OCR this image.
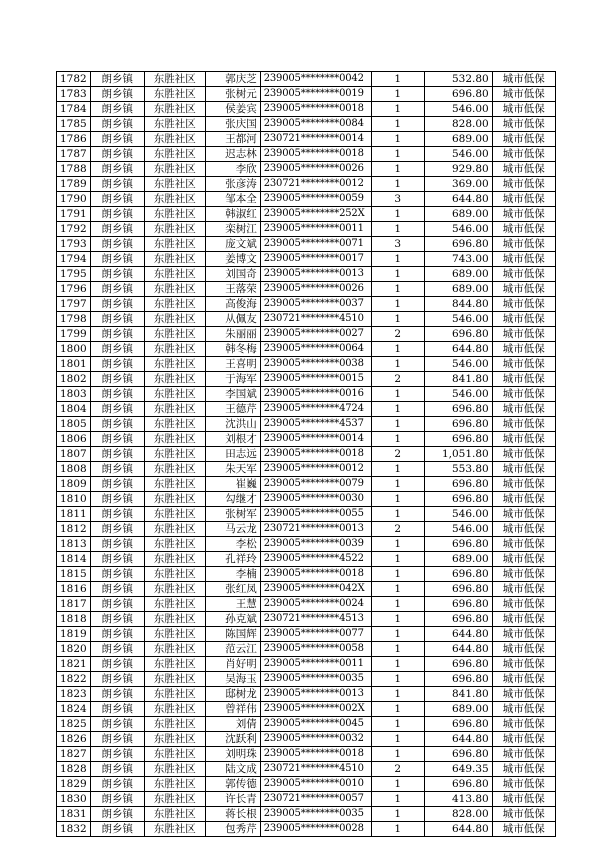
1782	朗乡镇	东胜社区	郭庆芝	239005********0042	1	532.80	城市低保
1783	朗乡镇	东胜社区	张树元	239005********0019	1	696.80	城市低保
1784	朗乡镇	东胜社区	侯姜宾	239005********0018	1	546.00	城市低保
1785	朗乡镇	东胜社区	张庆国	239005********0084	1	828.00	城市低保
1786	朗乡镇	东胜社区	王都河	230721********0014	1	689.00	城市低保
1787	朗乡镇	东胜社区	迟志林	239005********0018	1	546.00	城市低保
1788	朗乡镇	东胜社区	李欣	239005********0026	1	929.80	城市低保
1789	朗乡镇	东胜社区	张彦涛	230721********0012	1	369.00	城市低保
1790	朗乡镇	东胜社区	邹本全	239005********0059	3	644.80	城市低保
1791	朗乡镇	东胜社区	韩淑红	239005********252X	1	689.00	城市低保
1792	朗乡镇	东胜社区	栾树江	239005********0011	1	546.00	城市低保
1793	朗乡镇	东胜社区	庞文斌	239005********0071	3	696.80	城市低保
1794	朗乡镇	东胜社区	姜博文	239005********0017	1	743.00	城市低保
1795	朗乡镇	东胜社区	刘国奇	239005********0013	1	689.00	城市低保
1796	朗乡镇	东胜社区	王落荣	239005********0026	1	689.00	城市低保
1797	朗乡镇	东胜社区	高俊海	239005********0037	1	844.80	城市低保
1798	朗乡镇	东胜社区	从佩友	230721********4510	1	546.00	城市低保
1799	朗乡镇	东胜社区	朱丽丽	239005********0027	2	696.80	城市低保
1800	朗乡镇	东胜社区	韩冬梅	239005********0064	1	644.80	城市低保
1801	朗乡镇	东胜社区	王喜明	239005********0038	1	546.00	城市低保
1802	朗乡镇	东胜社区	于海军	239005********0015	2	841.80	城市低保
1803	朗乡镇	东胜社区	李国斌	239005********0016	1	546.00	城市低保
1804	朗乡镇	东胜社区	王德芹	239005********4724	1	696.80	城市低保
1805	朗乡镇	东胜社区	沈洪山	239005********4537	1	696.80	城市低保
1806	朗乡镇	东胜社区	刘根才	239005********0014	1	696.80	城市低保
1807	朗乡镇	东胜社区	田志远	239005********0018	2	1,051.80	城市低保
1808	朗乡镇	东胜社区	朱天军	239005********0012	1	553.80	城市低保
1809	朗乡镇	东胜社区	崔巍	239005********0079	1	696.80	城市低保
1810	朗乡镇	东胜社区	勾继才	239005********0030	1	696.80	城市低保
1811	朗乡镇	东胜社区	张树军	239005********0055	1	546.00	城市低保
1812	朗乡镇	东胜社区	马云龙	230721********0013	2	546.00	城市低保
1813	朗乡镇	东胜社区	李松	239005********0039	1	696.80	城市低保
1814	朗乡镇	东胜社区	孔祥玲	239005********4522	1	689.00	城市低保
1815	朗乡镇	东胜社区	李楠	239005********0018	1	696.80	城市低保
1816	朗乡镇	东胜社区	张红凤	239005********042X	1	696.80	城市低保
1817	朗乡镇	东胜社区	王慧	239005********0024	1	696.80	城市低保
1818	朗乡镇	东胜社区	孙克斌	230721********4513	1	696.80	城市低保
1819	朗乡镇	东胜社区	陈国辉	239005********0077	1	644.80	城市低保
1820	朗乡镇	东胜社区	范云江	239005********0058	1	644.80	城市低保
1821	朗乡镇	东胜社区	肖好明	239005********0011	1	696.80	城市低保
1822	朗乡镇	东胜社区	吴海玉	239005********0035	1	696.80	城市低保
1823	朗乡镇	东胜社区	邸树龙	239005********0013	1	841.80	城市低保
1824	朗乡镇	东胜社区	曾祥伟	239005********002X	1	689.00	城市低保
1825	朗乡镇	东胜社区	刘倩	239005********0045	1	696.80	城市低保
1826	朗乡镇	东胜社区	沈跃利	239005********0032	1	644.80	城市低保
1827	朗乡镇	东胜社区	刘明珠	239005********0018	1	696.80	城市低保
1828	朗乡镇	东胜社区	陆文成	230721********4510	2	649.35	城市低保
1829	朗乡镇	东胜社区	郭传德	239005********0010	1	696.80	城市低保
1830	朗乡镇	东胜社区	许长青	230721********0057	1	413.80	城市低保
1831	朗乡镇	东胜社区	蒋长根	239005********0035	1	828.00	城市低保
1832	朗乡镇	东胜社区	包秀芹	239005********0028	1	644.80	城市低保
